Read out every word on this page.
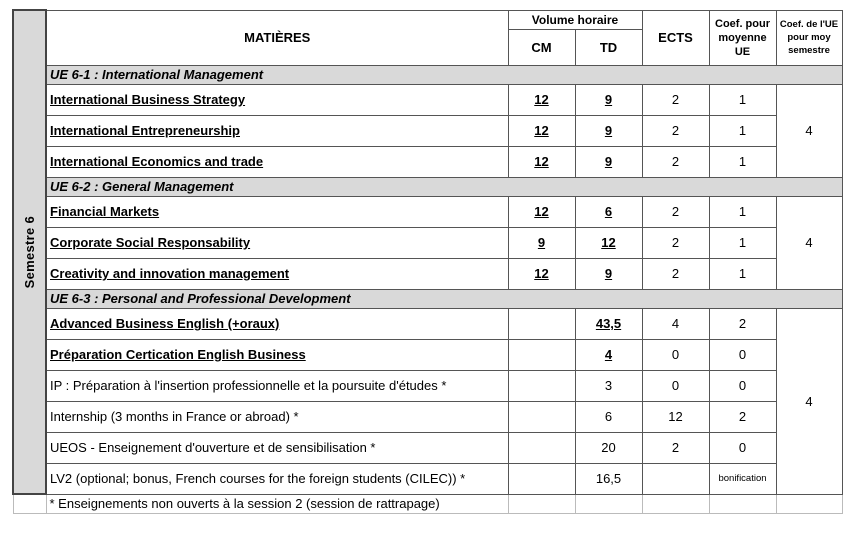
Semestre 6	MATIÈRES	Volume horaire		ECTS	Coef. pour moyenne UE	Coef. de l'UE pour moy semestre
		CM	TD			
	UE 6-1 : International Management					
	International Business Strategy	12	9	2	1	4
	International Entrepreneurship	12	9	2	1	
	International Economics and trade	12	9	2	1	
	UE 6-2 : General Management					
	Financial Markets	12	6	2	1	4
	Corporate Social Responsability	9	12	2	1	
	Creativity and innovation management	12	9	2	1	
	UE 6-3 : Personal and Professional Development					
	Advanced Business English (+oraux)		43,5	4	2	4
	Préparation Certication English Business		4	0	0	
	IP : Préparation à l'insertion professionnelle et la poursuite d'études *		3	0	0	
	Internship (3 months in France or abroad) *		6	12	2	
	UEOS - Enseignement d'ouverture et de sensibilisation *		20	2	0	
	LV2 (optional; bonus, French courses for the foreign students (CILEC)) *		16,5		bonification	
	* Enseignements non ouverts à la session 2 (session de rattrapage)					
